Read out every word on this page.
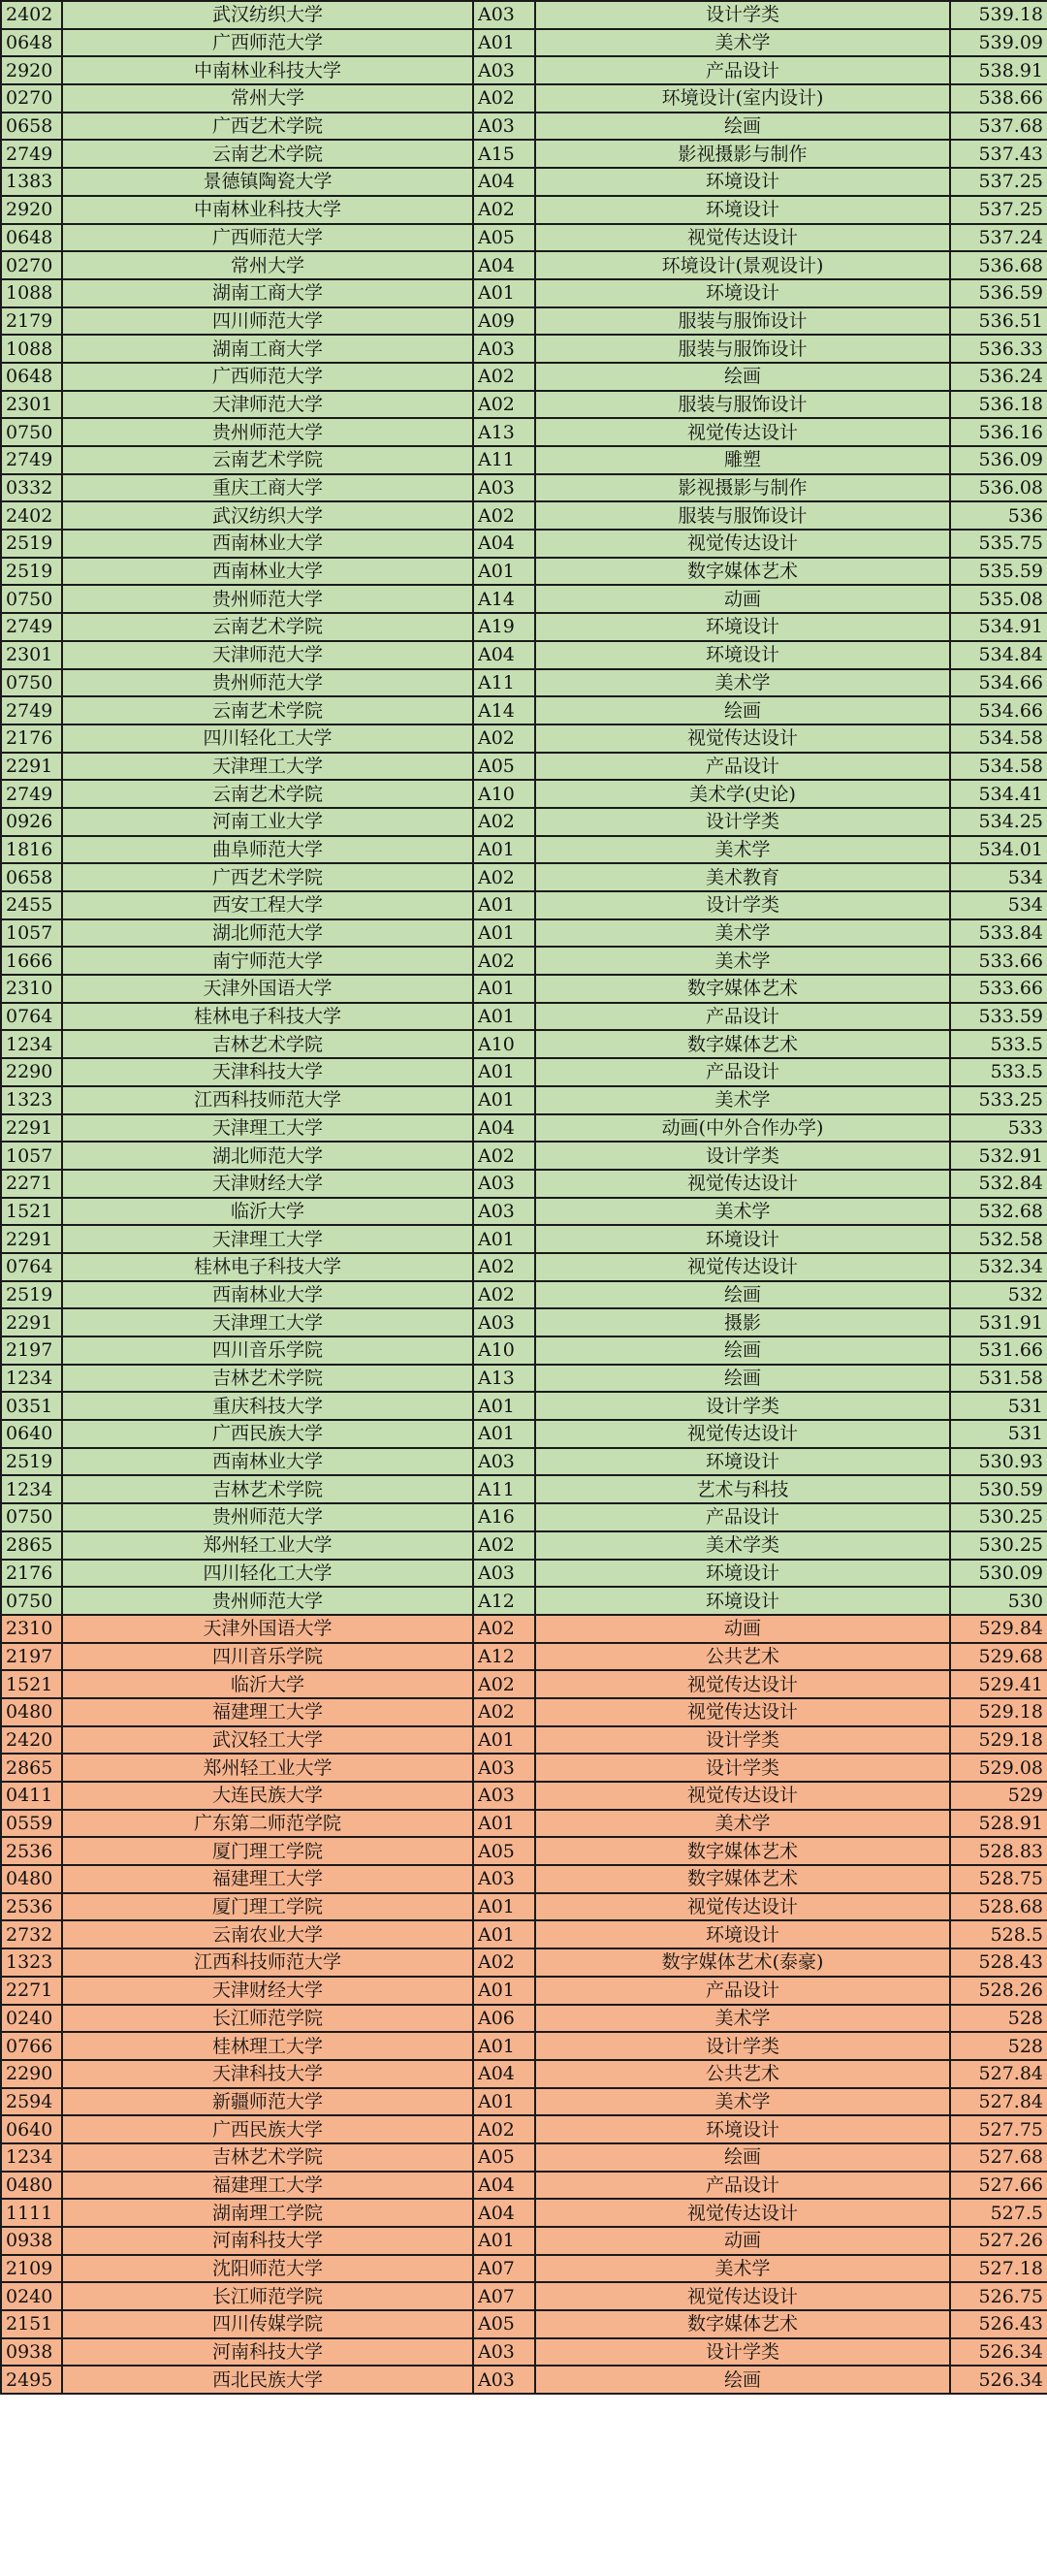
2402	武汉纺织大学	A03	设计学类	539.18
0648	广西师范大学	A01	美术学	539.09
2920	中南林业科技大学	A03	产品设计	538.91
0270	常州大学	A02	环境设计(室内设计)	538.66
0658	广西艺术学院	A03	绘画	537.68
2749	云南艺术学院	A15	影视摄影与制作	537.43
1383	景德镇陶瓷大学	A04	环境设计	537.25
2920	中南林业科技大学	A02	环境设计	537.25
0648	广西师范大学	A05	视觉传达设计	537.24
0270	常州大学	A04	环境设计(景观设计)	536.68
1088	湖南工商大学	A01	环境设计	536.59
2179	四川师范大学	A09	服装与服饰设计	536.51
1088	湖南工商大学	A03	服装与服饰设计	536.33
0648	广西师范大学	A02	绘画	536.24
2301	天津师范大学	A02	服装与服饰设计	536.18
0750	贵州师范大学	A13	视觉传达设计	536.16
2749	云南艺术学院	A11	雕塑	536.09
0332	重庆工商大学	A03	影视摄影与制作	536.08
2402	武汉纺织大学	A02	服装与服饰设计	536
2519	西南林业大学	A04	视觉传达设计	535.75
2519	西南林业大学	A01	数字媒体艺术	535.59
0750	贵州师范大学	A14	动画	535.08
2749	云南艺术学院	A19	环境设计	534.91
2301	天津师范大学	A04	环境设计	534.84
0750	贵州师范大学	A11	美术学	534.66
2749	云南艺术学院	A14	绘画	534.66
2176	四川轻化工大学	A02	视觉传达设计	534.58
2291	天津理工大学	A05	产品设计	534.58
2749	云南艺术学院	A10	美术学(史论)	534.41
0926	河南工业大学	A02	设计学类	534.25
1816	曲阜师范大学	A01	美术学	534.01
0658	广西艺术学院	A02	美术教育	534
2455	西安工程大学	A01	设计学类	534
1057	湖北师范大学	A01	美术学	533.84
1666	南宁师范大学	A02	美术学	533.66
2310	天津外国语大学	A01	数字媒体艺术	533.66
0764	桂林电子科技大学	A01	产品设计	533.59
1234	吉林艺术学院	A10	数字媒体艺术	533.5
2290	天津科技大学	A01	产品设计	533.5
1323	江西科技师范大学	A01	美术学	533.25
2291	天津理工大学	A04	动画(中外合作办学)	533
1057	湖北师范大学	A02	设计学类	532.91
2271	天津财经大学	A03	视觉传达设计	532.84
1521	临沂大学	A03	美术学	532.68
2291	天津理工大学	A01	环境设计	532.58
0764	桂林电子科技大学	A02	视觉传达设计	532.34
2519	西南林业大学	A02	绘画	532
2291	天津理工大学	A03	摄影	531.91
2197	四川音乐学院	A10	绘画	531.66
1234	吉林艺术学院	A13	绘画	531.58
0351	重庆科技大学	A01	设计学类	531
0640	广西民族大学	A01	视觉传达设计	531
2519	西南林业大学	A03	环境设计	530.93
1234	吉林艺术学院	A11	艺术与科技	530.59
0750	贵州师范大学	A16	产品设计	530.25
2865	郑州轻工业大学	A02	美术学类	530.25
2176	四川轻化工大学	A03	环境设计	530.09
0750	贵州师范大学	A12	环境设计	530
2310	天津外国语大学	A02	动画	529.84
2197	四川音乐学院	A12	公共艺术	529.68
1521	临沂大学	A02	视觉传达设计	529.41
0480	福建理工大学	A02	视觉传达设计	529.18
2420	武汉轻工大学	A01	设计学类	529.18
2865	郑州轻工业大学	A03	设计学类	529.08
0411	大连民族大学	A03	视觉传达设计	529
0559	广东第二师范学院	A01	美术学	528.91
2536	厦门理工学院	A05	数字媒体艺术	528.83
0480	福建理工大学	A03	数字媒体艺术	528.75
2536	厦门理工学院	A01	视觉传达设计	528.68
2732	云南农业大学	A01	环境设计	528.5
1323	江西科技师范大学	A02	数字媒体艺术(泰豪)	528.43
2271	天津财经大学	A01	产品设计	528.26
0240	长江师范学院	A06	美术学	528
0766	桂林理工大学	A01	设计学类	528
2290	天津科技大学	A04	公共艺术	527.84
2594	新疆师范大学	A01	美术学	527.84
0640	广西民族大学	A02	环境设计	527.75
1234	吉林艺术学院	A05	绘画	527.68
0480	福建理工大学	A04	产品设计	527.66
1111	湖南理工学院	A04	视觉传达设计	527.5
0938	河南科技大学	A01	动画	527.26
2109	沈阳师范大学	A07	美术学	527.18
0240	长江师范学院	A07	视觉传达设计	526.75
2151	四川传媒学院	A05	数字媒体艺术	526.43
0938	河南科技大学	A03	设计学类	526.34
2495	西北民族大学	A03	绘画	526.34
